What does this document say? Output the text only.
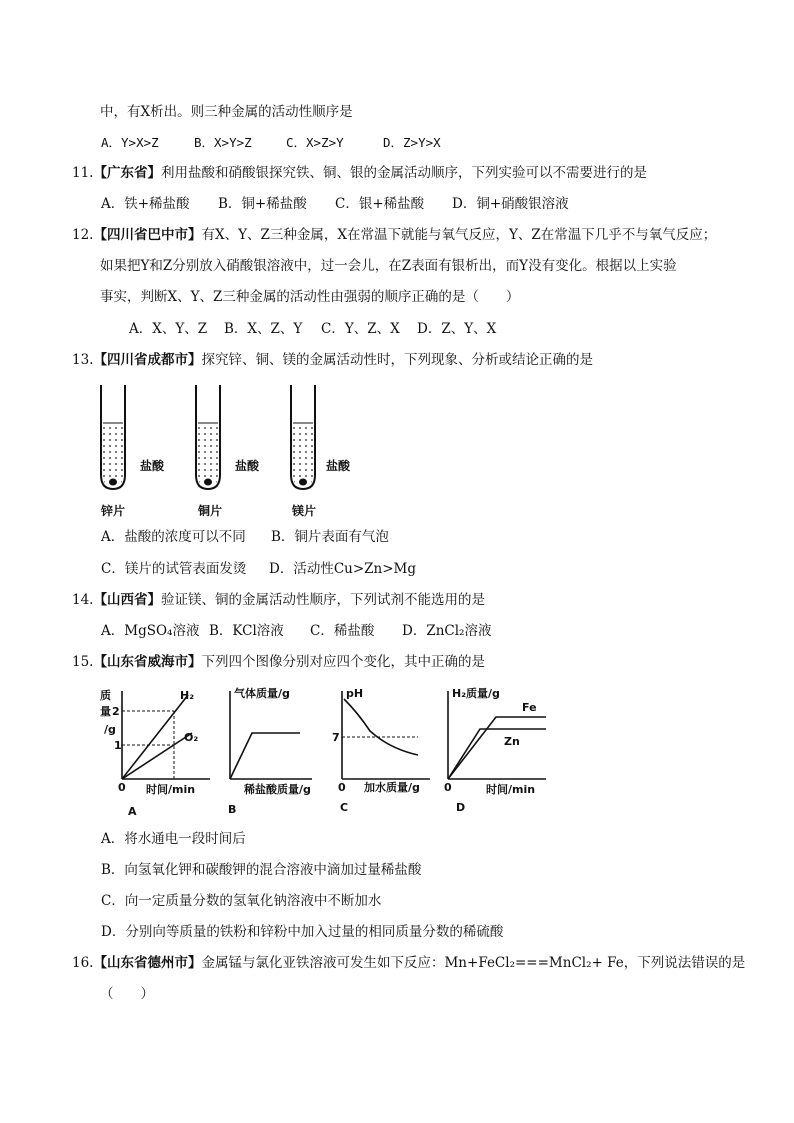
中，有X析出。则三种金属的活动性顺序是
A．Y>X>Z	B．X>Y>Z	C．X>Z>Y	D．Z>Y>X
11.【广东省】利用盐酸和硝酸银探究铁、铜、银的金属活动顺序，下列实验可以不需要进行的是
A．铁+稀盐酸 B．铜+稀盐酸 C．银+稀盐酸 D．铜+硝酸银溶液
12.【四川省巴中市】有X、Y、Z三种金属，X在常温下就能与氧气反应，Y、Z在常温下几乎不与氧气反应；
如果把Y和Z分别放入硝酸银溶液中，过一会儿，在Z表面有银析出，而Y没有变化。根据以上实验
事实，判断X、Y、Z三种金属的活动性由强弱的顺序正确的是（　　）
A．X、Y、Z B．X、Z、Y C．Y、Z、X D．Z、Y、X
13.【四川省成都市】探究锌、铜、镁的金属活动性时，下列现象、分析或结论正确的是
盐酸	盐酸	盐酸
锌片	铜片	镁片
A．盐酸的浓度可以不同 B．铜片表面有气泡
C．镁片的试管表面发烫 D．活动性Cu>Zn>Mg
14.【山西省】验证镁、铜的金属活动性顺序，下列试剂不能选用的是
A．MgSO₄溶液 B．KCl溶液 C．稀盐酸 D．ZnCl₂溶液
15.【山东省威海市】下列四个图像分别对应四个变化，其中正确的是
质
量
/g
2
1
0 时间/min
H₂
O₂
A
气体质量/g
稀盐酸质量/g
B
pH
7
0 加水质量/g
C
H₂质量/g
0	时间/min
Fe
Zn
D
A．将水通电一段时间后
B．向氢氧化钾和碳酸钾的混合溶液中滴加过量稀盐酸
C．向一定质量分数的氢氧化钠溶液中不断加水
D．分别向等质量的铁粉和锌粉中加入过量的相同质量分数的稀硫酸
16.【山东省德州市】金属锰与氯化亚铁溶液可发生如下反应：Mn+FeCl₂===MnCl₂+ Fe，下列说法错误的是
（　　）
